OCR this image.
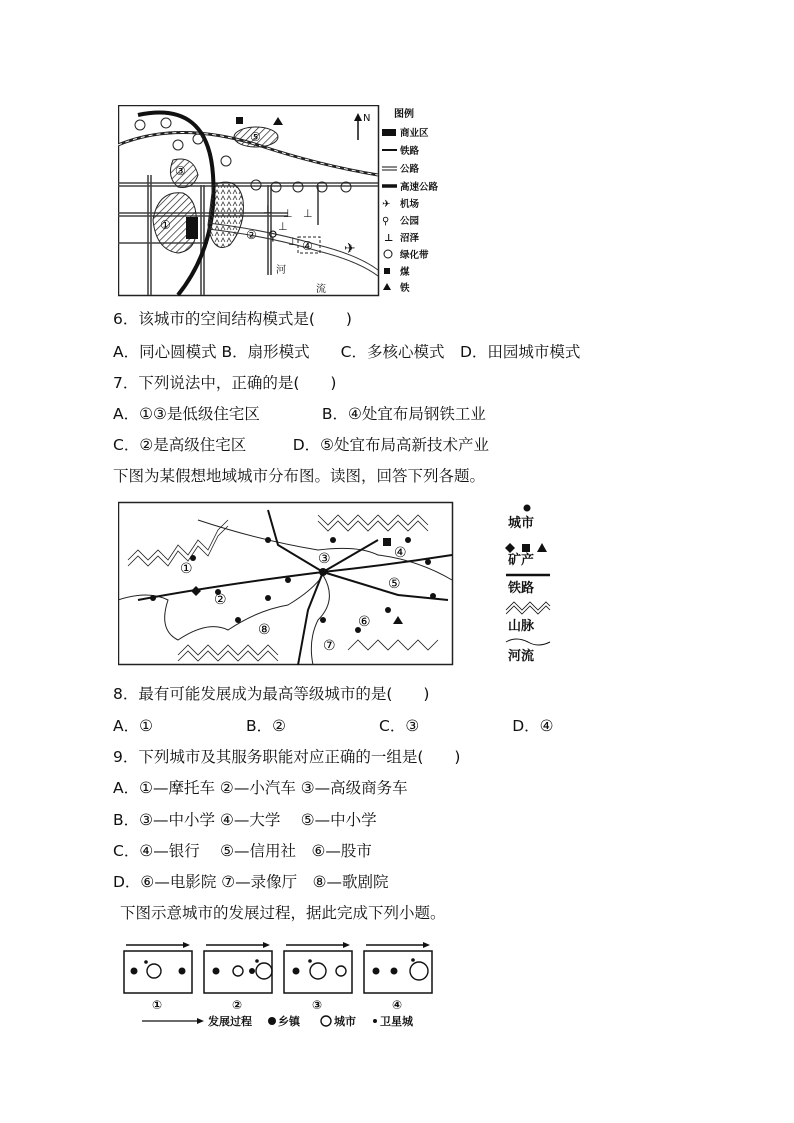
①
②
③
④
⑤
⊥ ⊥ ⊥
⊥
⊥
⚲
✈
N
河
流
图例
商业区
铁路
公路
高速公路
✈ 机场
⚲ 公园
⊥ 沼泽
绿化带
煤
铁
6．该城市的空间结构模式是(　　)
A．同心圆模式 B．扇形模式　　C．多核心模式　D．田园城市模式
7．下列说法中，正确的是(　　)
A．①③是低级住宅区　　　　B．④处宜布局钢铁工业
C．②是高级住宅区　　　D．⑤处宜布局高新技术产业
下图为某假想地域城市分布图。读图，回答下列各题。
①
②
③	④
⑤
⑥
⑦
⑧
城市
矿产
铁路
山脉
河流
8．最有可能发展成为最高等级城市的是(　　)
A．①　　　　　　B．②　　　　　　C．③　　　　　　D．④
9．下列城市及其服务职能对应正确的一组是(　　)
A．①—摩托车 ②—小汽车 ③—高级商务车
B．③—中小学 ④—大学　 ⑤—中小学
C．④—银行　 ⑤—信用社　⑥—股市
D．⑥—电影院 ⑦—录像厅　⑧—歌剧院
下图示意城市的发展过程，据此完成下列小题。
①	②	③	④
发展过程 乡镇	城市 卫星城
